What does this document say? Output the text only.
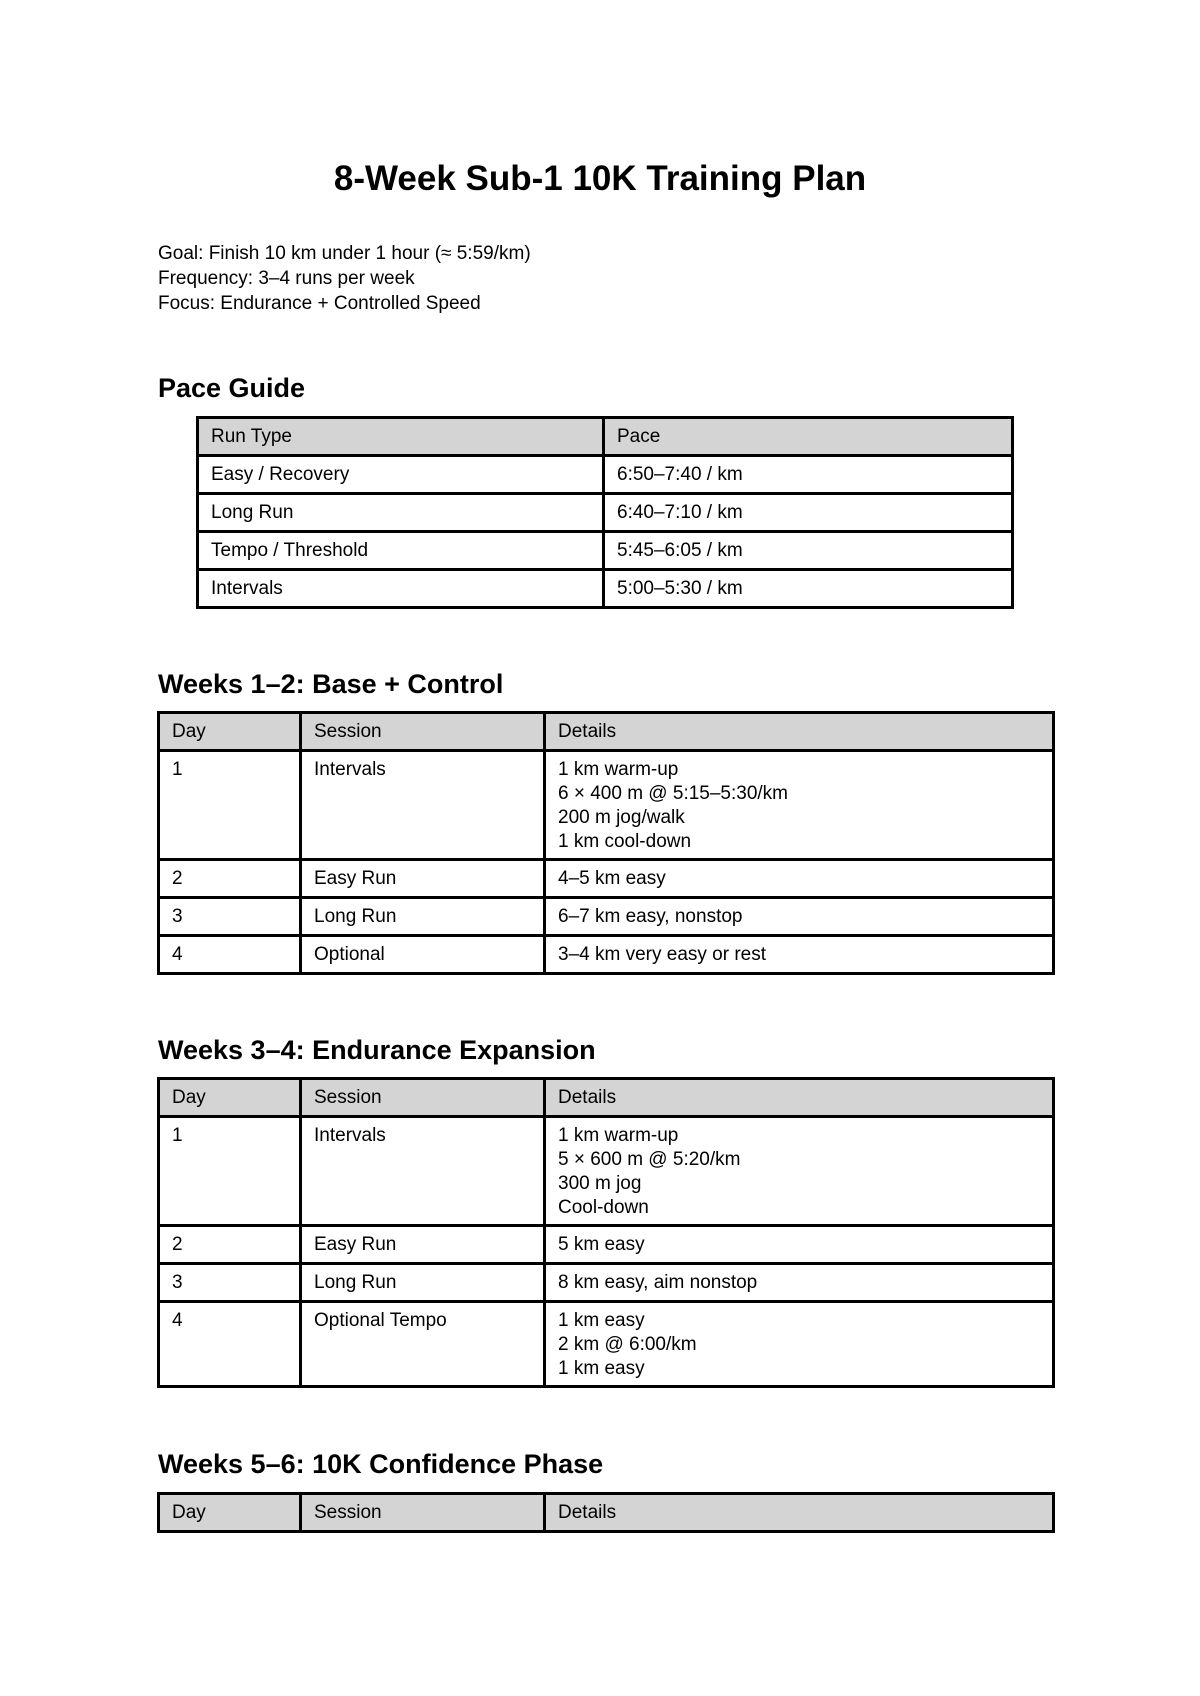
8-Week Sub-1 10K Training Plan

Goal: Finish 10 km under 1 hour (≈ 5:59/km)

Frequency: 3–4 runs per week

Focus: Endurance + Controlled Speed

Pace Guide
Run Type	Pace
Easy / Recovery	6:50–7:40 / km
Long Run	6:40–7:10 / km
Tempo / Threshold	5:45–6:05 / km
Intervals	5:00–5:30 / km
Weeks 1–2: Base + Control
Day	Session	Details
1	Intervals	1 km warm-up
6 × 400 m @ 5:15–5:30/km
200 m jog/walk
1 km cool-down

2	Easy Run	4–5 km easy

3	Long Run	6–7 km easy, nonstop

4	Optional	3–4 km very easy or rest
Weeks 3–4: Endurance Expansion
Day	Session	Details
1	Intervals	1 km warm-up
5 × 600 m @ 5:20/km
300 m jog
Cool-down

2	Easy Run	5 km easy

3	Long Run	8 km easy, aim nonstop

4	Optional Tempo	1 km easy
2 km @ 6:00/km
1 km easy
Weeks 5–6: 10K Confidence Phase
Day	Session	Details
